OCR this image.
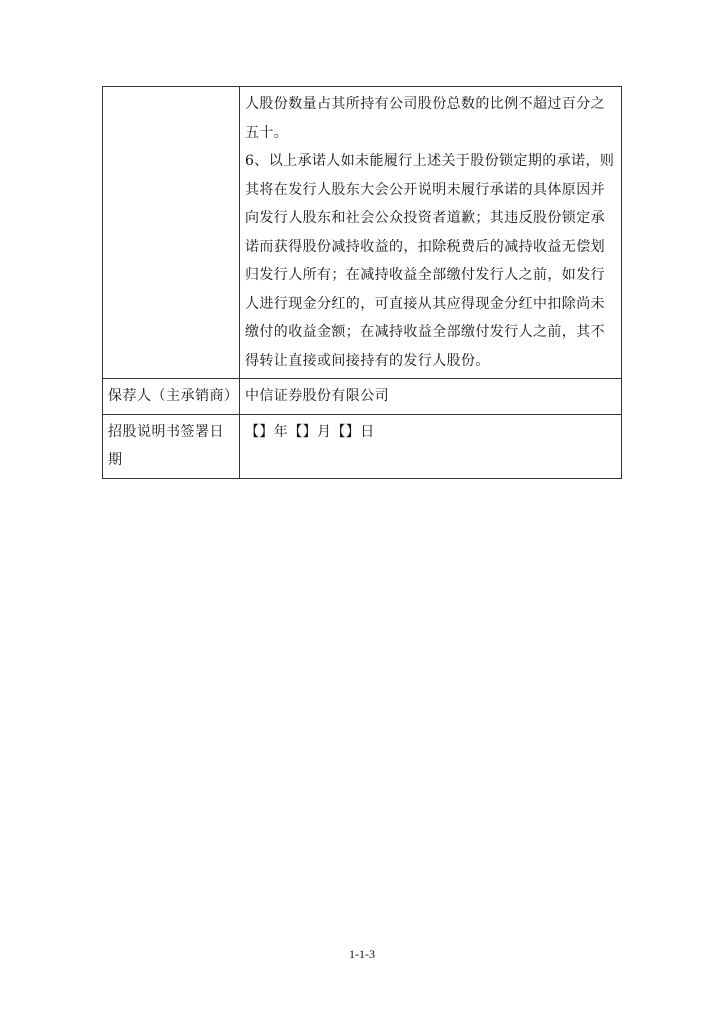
	人股份数量占其所持有公司股份总数的比例不超过百分之五十。
6、以上承诺人如未能履行上述关于股份锁定期的承诺，则其将在发行人股东大会公开说明未履行承诺的具体原因并向发行人股东和社会公众投资者道歉；其违反股份锁定承诺而获得股份减持收益的，扣除税费后的减持收益无偿划归发行人所有；在减持收益全部缴付发行人之前，如发行人进行现金分红的，可直接从其应得现金分红中扣除尚未缴付的收益金额；在减持收益全部缴付发行人之前，其不得转让直接或间接持有的发行人股份。

保荐人（主承销商）	中信证券股份有限公司

招股说明书签署日期	【】年【】月【】日
1-1-3
